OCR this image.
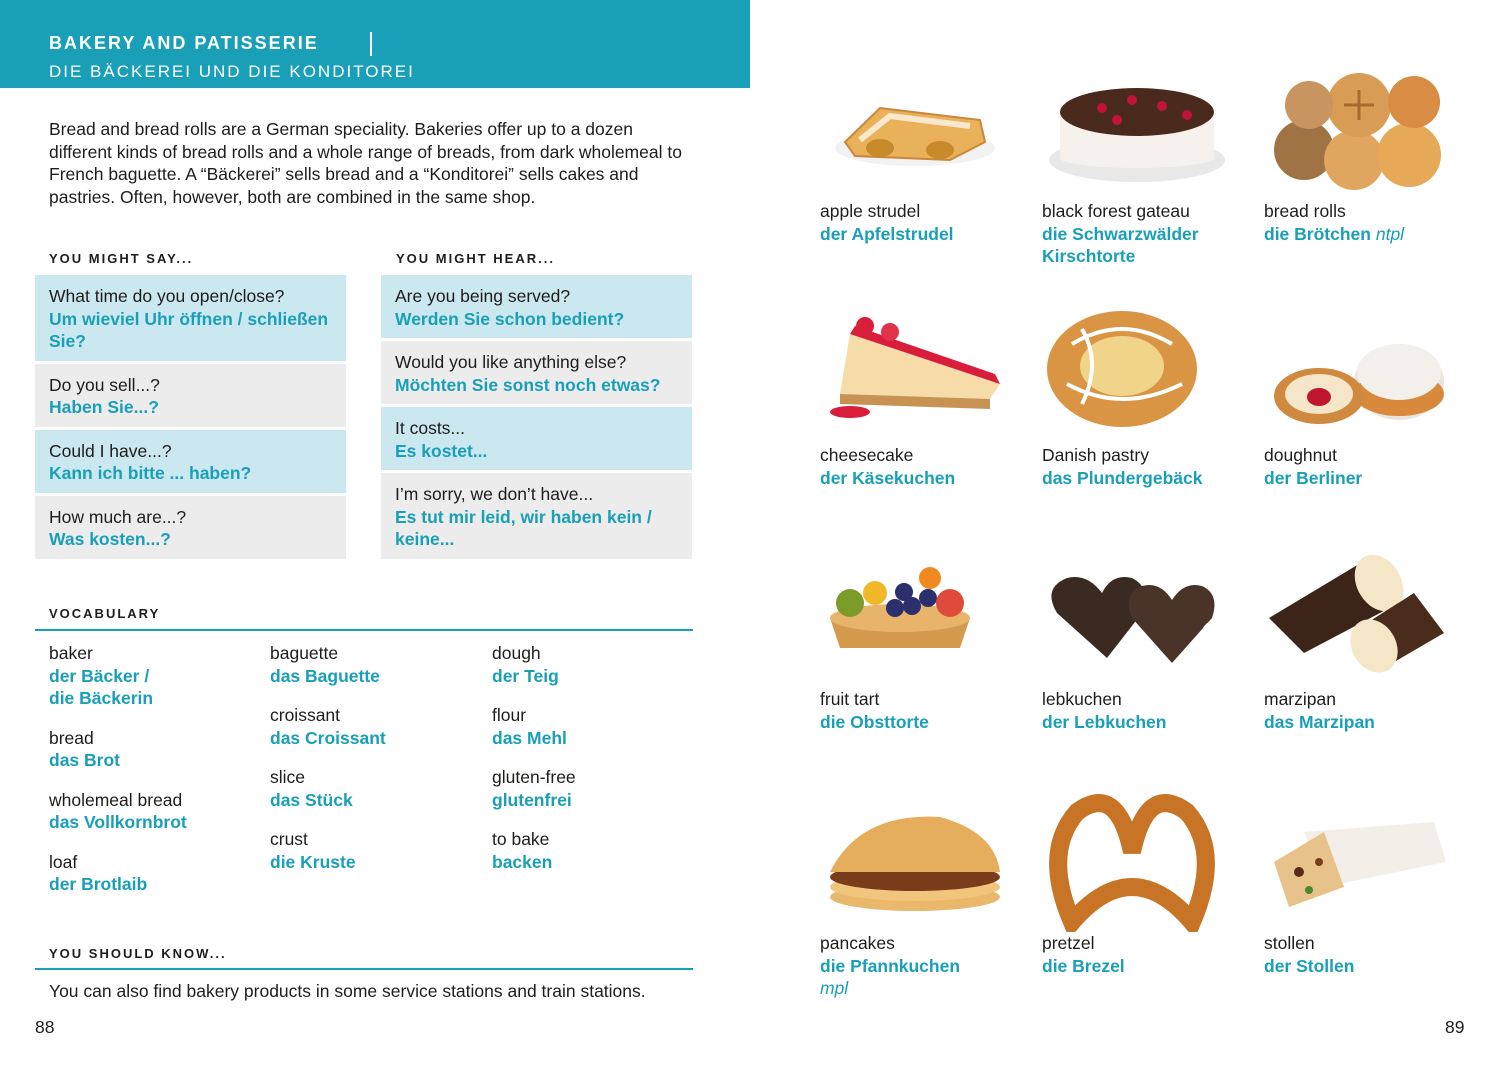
BAKERY AND PATISSERIE
DIE BÄCKEREI UND DIE KONDITOREI
Bread and bread rolls are a German speciality. Bakeries offer up to a dozen different kinds of bread rolls and a whole range of breads, from dark wholemeal to French baguette. A “Bäckerei” sells bread and a “Konditorei” sells cakes and pastries. Often, however, both are combined in the same shop.
YOU MIGHT SAY...
What time do you open/close?
Um wieviel Uhr öffnen / schließen Sie?
Do you sell...?
Haben Sie...?
Could I have...?
Kann ich bitte ... haben?
How much are...?
Was kosten...?
YOU MIGHT HEAR...
Are you being served?
Werden Sie schon bedient?
Would you like anything else?
Möchten Sie sonst noch etwas?
It costs...
Es kostet...
I’m sorry, we don’t have...
Es tut mir leid, wir haben kein / keine...
VOCABULARY
baker
der Bäcker / die Bäckerin
bread
das Brot
wholemeal bread
das Vollkornbrot
loaf
der Brotlaib
baguette
das Baguette
croissant
das Croissant
slice
das Stück
crust
die Kruste
dough
der Teig
flour
das Mehl
gluten-free
glutenfrei
to bake
backen
YOU SHOULD KNOW...
You can also find bakery products in some service stations and train stations.
88	89
apple strudel
der Apfelstrudel
black forest gateau
die Schwarzwälder Kirschtorte
bread rolls
die Brötchen ntpl
cheesecake
der Käsekuchen
Danish pastry
das Plundergebäck
doughnut
der Berliner
fruit tart
die Obsttorte
lebkuchen
der Lebkuchen
marzipan
das Marzipan
pancakes
die Pfannkuchen mpl
pretzel
die Brezel
stollen
der Stollen
